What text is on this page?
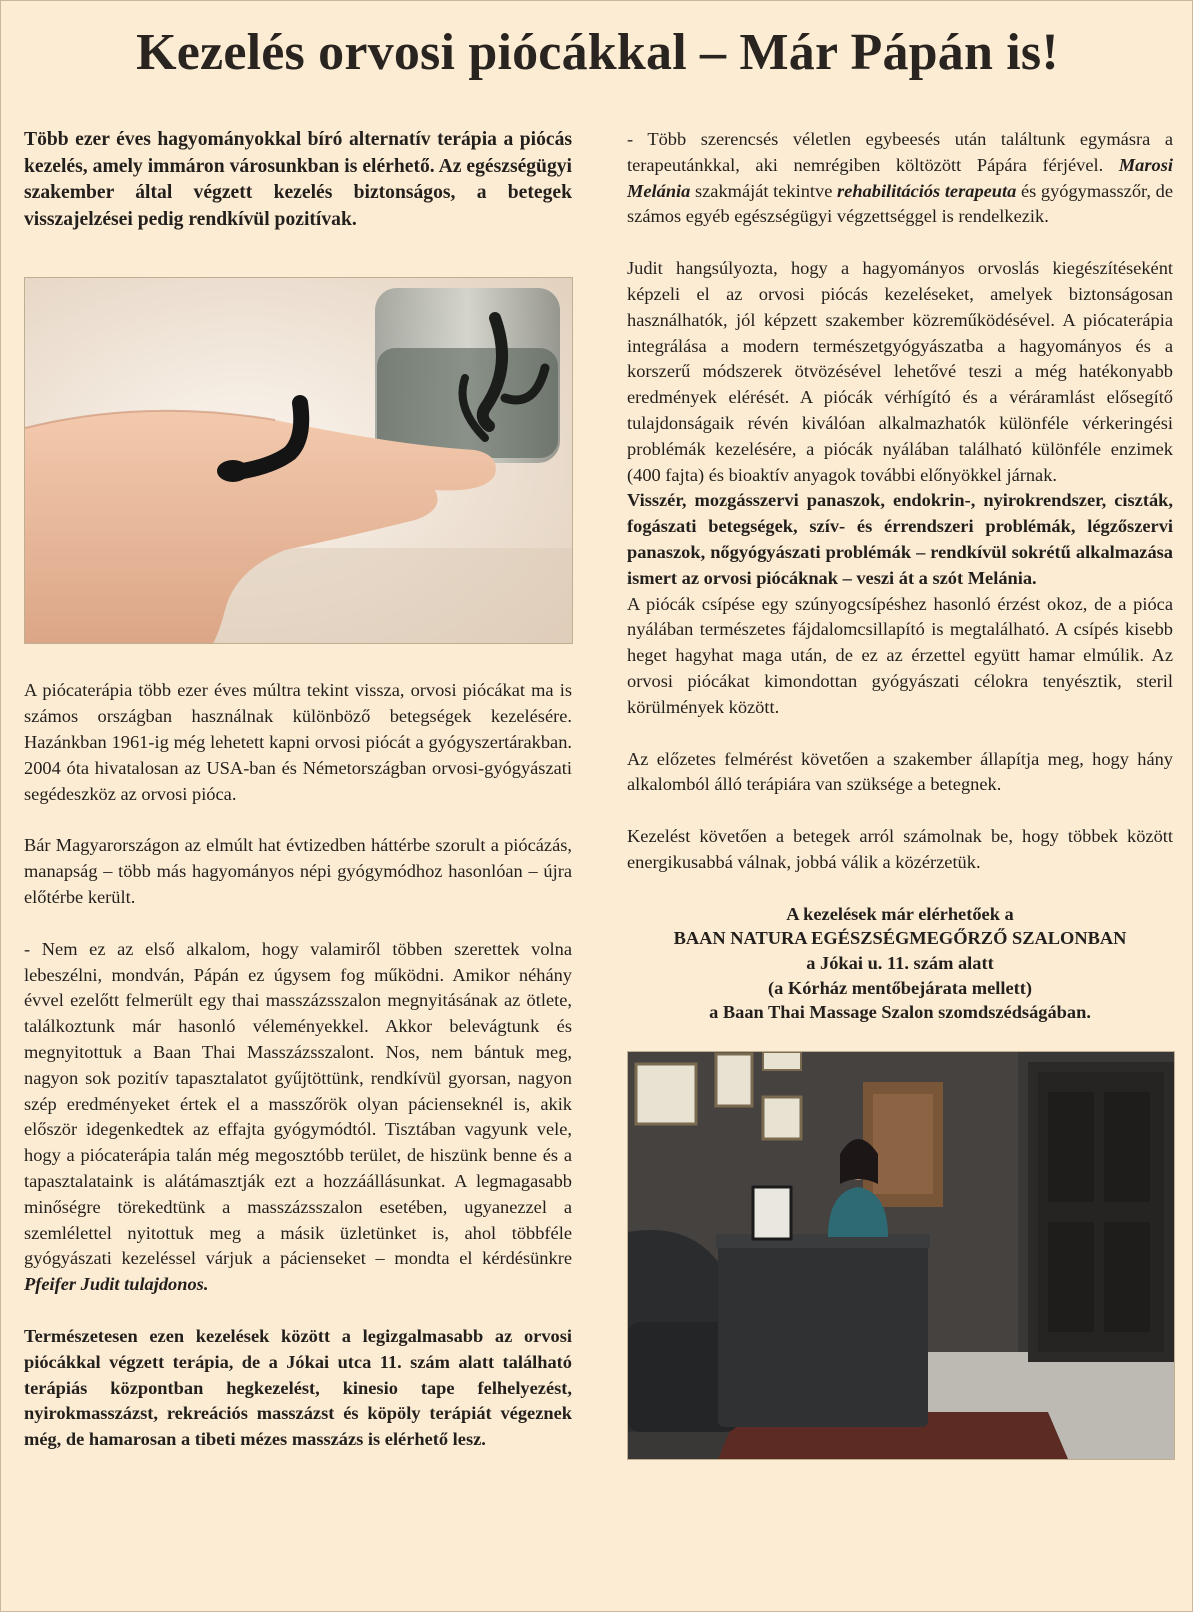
Kezelés orvosi piócákkal – Már Pápán is!

Több ezer éves hagyományokkal bíró alternatív terápia a piócás kezelés, amely immáron városunkban is elérhető. Az egészségügyi szakember által végzett kezelés biztonságos, a betegek visszajelzései pedig rendkívül pozitívak.

A piócaterápia több ezer éves múltra tekint vissza, orvosi piócákat ma is számos országban használnak különböző betegségek kezelésére. Hazánkban 1961-ig még lehetett kapni orvosi piócát a gyógyszertárakban. 2004 óta hivatalosan az USA-ban és Németországban orvosi-gyógyászati segédeszköz az orvosi pióca.

Bár Magyarországon az elmúlt hat évtizedben háttérbe szorult a piócázás, manapság – több más hagyományos népi gyógymódhoz hasonlóan – újra előtérbe került.

- Nem ez az első alkalom, hogy valamiről többen szerettek volna lebeszélni, mondván, Pápán ez úgysem fog működni. Amikor néhány évvel ezelőtt felmerült egy thai masszázsszalon megnyitásának az ötlete, találkoztunk már hasonló véleményekkel. Akkor belevágtunk és megnyitottuk a Baan Thai Masszázsszalont. Nos, nem bántuk meg, nagyon sok pozitív tapasztalatot gyűjtöttünk, rendkívül gyorsan, nagyon szép eredményeket értek el a masszőrök olyan pácienseknél is, akik először idegenkedtek az effajta gyógymódtól. Tisztában vagyunk vele, hogy a piócaterápia talán még megosztóbb terület, de hiszünk benne és a tapasztalataink is alátámasztják ezt a hozzáállásunkat. A legmagasabb minőségre törekedtünk a masszázsszalon esetében, ugyanezzel a szemlélettel nyitottuk meg a másik üzletünket is, ahol többféle gyógyászati kezeléssel várjuk a pácienseket – mondta el kérdésünkre Pfeifer Judit tulajdonos.

Természetesen ezen kezelések között a legizgalmasabb az orvosi piócákkal végzett terápia, de a Jókai utca 11. szám alatt található terápiás központban hegkezelést, kinesio tape felhelyezést, nyirokmasszázst, rekreációs masszázst és köpöly terápiát végeznek még, de hamarosan a tibeti mézes masszázs is elérhető lesz.

- Több szerencsés véletlen egybeesés után találtunk egymásra a terapeutánkkal, aki nemrégiben költözött Pápára férjével. Marosi Melánia szakmáját tekintve rehabilitációs terapeuta és gyógymasszőr, de számos egyéb egészségügyi végzettséggel is rendelkezik.

Judit hangsúlyozta, hogy a hagyományos orvoslás kiegészítéseként képzeli el az orvosi piócás kezeléseket, amelyek biztonságosan használhatók, jól képzett szakember közreműködésével. A piócaterápia integrálása a modern természetgyógyászatba a hagyományos és a korszerű módszerek ötvözésével lehetővé teszi a még hatékonyabb eredmények elérését. A piócák vérhígító és a véráramlást elősegítő tulajdonságaik révén kiválóan alkalmazhatók különféle vérkeringési problémák kezelésére, a piócák nyálában található különféle enzimek (400 fajta) és bioaktív anyagok további előnyökkel járnak.

Visszér, mozgásszervi panaszok, endokrin-, nyirokrendszer, ciszták, fogászati betegségek, szív- és érrendszeri problémák, légzőszervi panaszok, nőgyógyászati problémák – rendkívül sokrétű alkalmazása ismert az orvosi piócáknak – veszi át a szót Melánia.

A piócák csípése egy szúnyogcsípéshez hasonló érzést okoz, de a pióca nyálában természetes fájdalomcsillapító is megtalálható. A csípés kisebb heget hagyhat maga után, de ez az érzettel együtt hamar elmúlik. Az orvosi piócákat kimondottan gyógyászati célokra tenyésztik, steril körülmények között.

Az előzetes felmérést követően a szakember állapítja meg, hogy hány alkalomból álló terápiára van szüksége a betegnek.

Kezelést követően a betegek arról számolnak be, hogy többek között energikusabbá válnak, jobbá válik a közérzetük.

A kezelések már elérhetőek a
BAAN NATURA EGÉSZSÉGMEGŐRZŐ SZALONBAN
a Jókai u. 11. szám alatt
(a Kórház mentőbejárata mellett)
a Baan Thai Massage Szalon szomdszédságában.
